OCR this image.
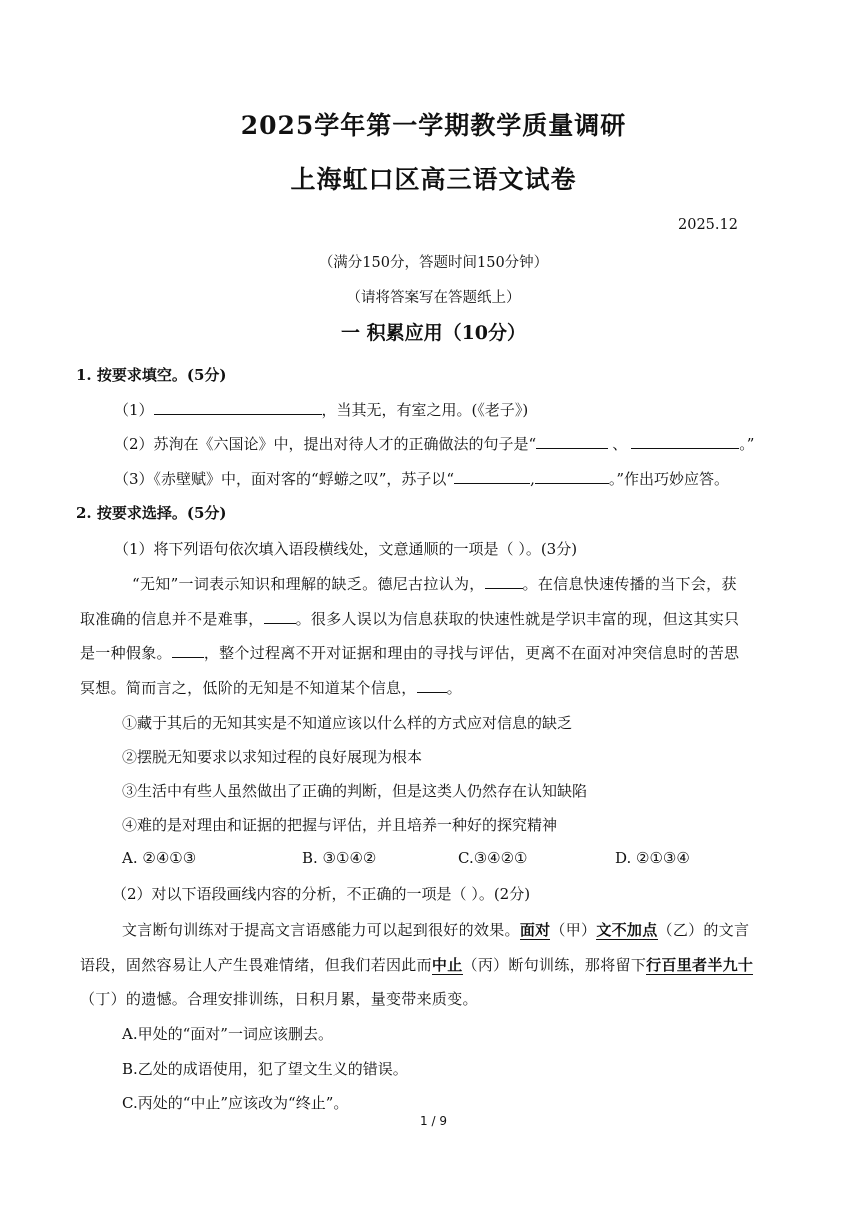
2025学年第一学期教学质量调研
上海虹口区高三语文试卷
2025.12
（满分150分，答题时间150分钟）
（请将答案写在答题纸上）
一 积累应用（10分）
1. 按要求填空。(5分)
（1）	，当其无，有室之用。(《老子》)
（2）苏洵在《六国论》中，提出对待人才的正确做法的句子是“	、	。”
（3）《赤壁赋》中，面对客的“蜉蝣之叹”，苏子以“	,	。”作出巧妙应答。
2. 按要求选择。(5分)
（1）将下列语句依次填入语段横线处，文意通顺的一项是（ ）。(3分)
“无知”一词表示知识和理解的缺乏。德尼古拉认为，	。在信息快速传播的当下会，获
取准确的信息并不是难事， 。很多人误以为信息获取的快速性就是学识丰富的现，但这其实只
是一种假象。 ，整个过程离不开对证据和理由的寻找与评估，更离不在面对冲突信息时的苦思
冥想。简而言之，低阶的无知是不知道某个信息， 。
①藏于其后的无知其实是不知道应该以什么样的方式应对信息的缺乏
②摆脱无知要求以求知过程的良好展现为根本
③生活中有些人虽然做出了正确的判断，但是这类人仍然存在认知缺陷
④难的是对理由和证据的把握与评估，并且培养一种好的探究精神
A. ②④①③	B. ③①④②	C.③④②①	D. ②①③④
（2）对以下语段画线内容的分析，不正确的一项是（ ）。(2分)
文言断句训练对于提高文言语感能力可以起到很好的效果。面对（甲）文不加点（乙）的文言
语段，固然容易让人产生畏难情绪，但我们若因此而中止（丙）断句训练，那将留下行百里者半九十
（丁）的遗憾。合理安排训练，日积月累，量变带来质变。
A.甲处的“面对”一词应该删去。
B.乙处的成语使用，犯了望文生义的错误。
C.丙处的“中止”应该改为“终止”。
1 / 9
